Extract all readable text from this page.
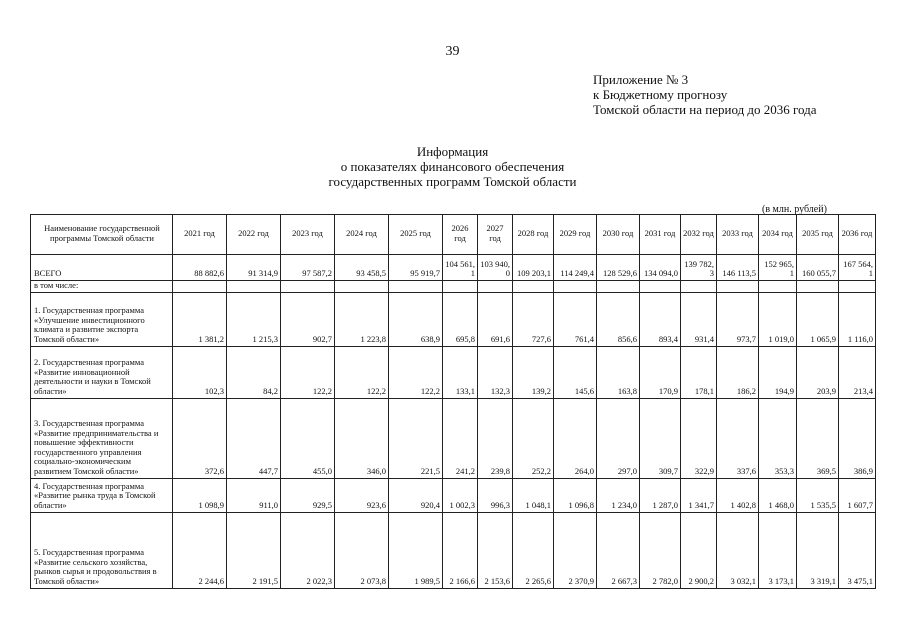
39
Приложение № 3
к Бюджетному прогнозу
Томской области на период до 2036 года
Информация
о показателях финансового обеспечения
государственных программ Томской области
(в млн. рублей)
Наименование государственной программы Томской области	2021 год	2022 год	2023 год	2024 год	2025 год	2026 год	2027 год	2028 год	2029 год	2030 год	2031 год	2032 год	2033 год	2034 год	2035 год	2036 год
ВСЕГО	88 882,6	91 314,9	97 587,2	93 458,5	95 919,7	104 561,1	103 940,0	109 203,1	114 249,4	128 529,6	134 094,0	139 782,3	146 113,5	152 965,1	160 055,7	167 564,1

в том числе:	

1. Государственная программа «Улучшение инвестиционного климата и развитие экспорта Томской области»	1 381,2	1 215,3	902,7	1 223,8	638,9	695,8	691,6	727,6	761,4	856,6	893,4	931,4	973,7	1 019,0	1 065,9	1 116,0

2. Государственная программа «Развитие инновационной деятельности и науки в Томской области»	102,3	84,2	122,2	122,2	122,2	133,1	132,3	139,2	145,6	163,8	170,9	178,1	186,2	194,9	203,9	213,4

3. Государственная программа «Развитие предпринимательства и повышение эффективности государственного управления социально-экономическим развитием Томской области»	372,6	447,7	455,0	346,0	221,5	241,2	239,8	252,2	264,0	297,0	309,7	322,9	337,6	353,3	369,5	386,9

4. Государственная программа «Развитие рынка труда в Томской области»	1 098,9	911,0	929,5	923,6	920,4	1 002,3	996,3	1 048,1	1 096,8	1 234,0	1 287,0	1 341,7	1 402,8	1 468,0	1 535,5	1 607,7

5. Государственная программа «Развитие сельского хозяйства, рынков сырья и продовольствия в Томской области»	2 244,6	2 191,5	2 022,3	2 073,8	1 989,5	2 166,6	2 153,6	2 265,6	2 370,9	2 667,3	2 782,0	2 900,2	3 032,1	3 173,1	3 319,1	3 475,1
